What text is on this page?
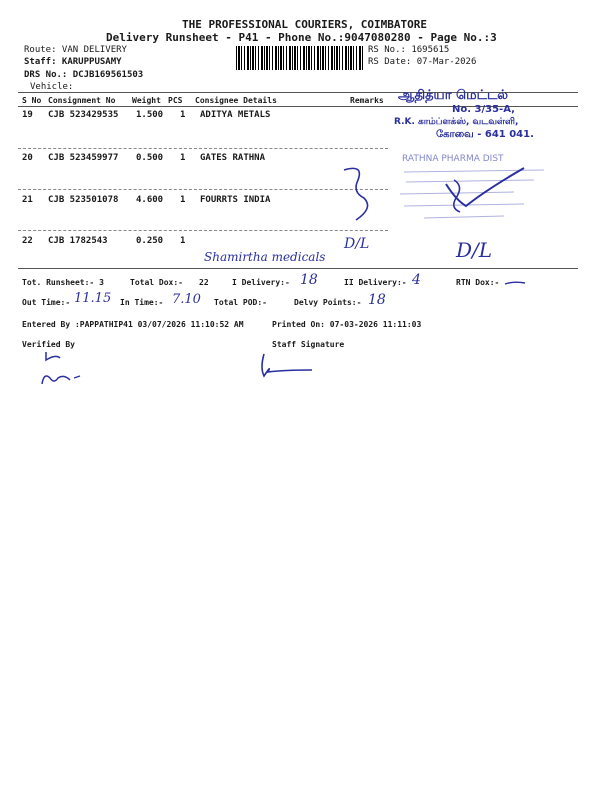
THE PROFESSIONAL COURIERS, COIMBATORE
Delivery Runsheet - P41 - Phone No.:9047080280 - Page No.:3
Route: VAN DELIVERY
Staff: KARUPPUSAMY
DRS No.: DCJB169561503
Vehicle:
RS No.: 1695615
RS Date: 07-Mar-2026
S No Consignment No Weight PCS Consignee Details	Remarks
19 CJB 523429535 1.500 1 ADITYA METALS
20 CJB 523459977 0.500 1 GATES RATHNA
21 CJB 523501078 4.600 1 FOURRTS INDIA
22 CJB 1782543	0.250 1
Shamirtha medicals
D/L	D/L
ஆதித்யா மெட்டல்
No. 3/35-A,
R.K. காம்ப்ளக்ஸ், வடவள்ளி,
கோவை - 641 041.
RATHNA PHARMA DIST
Tot. Runsheet:- 3	Total Dox:- 22	I Delivery:- 18	II Delivery:- 4	RTN Dox:-
Out Time:- 11.15 In Time:- 7.10 Total POD:-	Delvy Points:- 18
Entered By :PAPPATHIP41 03/07/2026 11:10:52 AM	Printed On: 07-03-2026 11:11:03
Verified By	Staff Signature
